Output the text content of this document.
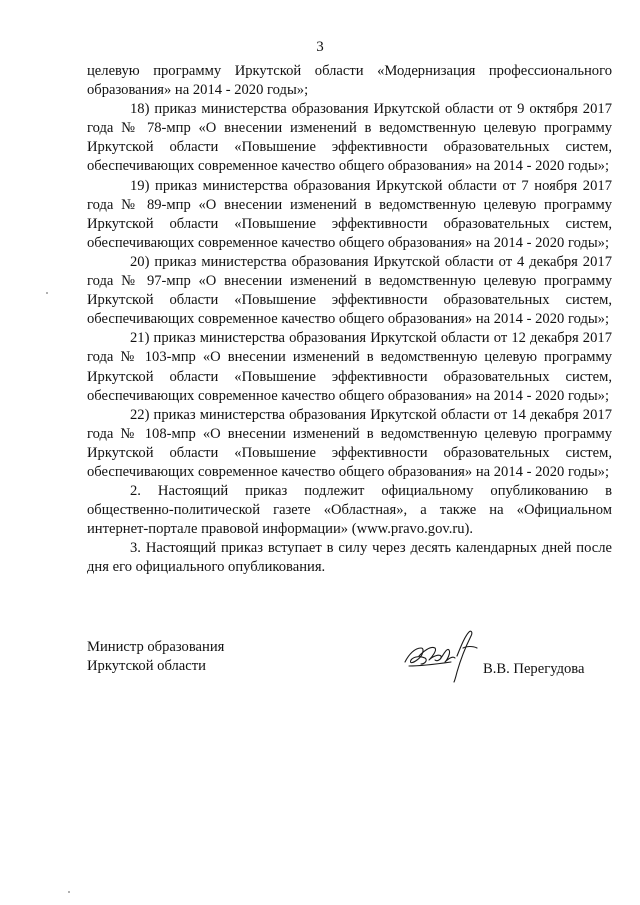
3

целевую программу Иркутской области «Модернизация профессионального образования» на 2014 - 2020 годы»;

18) приказ министерства образования Иркутской области от 9 октября 2017 года № 78-мпр «О внесении изменений в ведомственную целевую программу Иркутской области «Повышение эффективности образовательных систем, обеспечивающих современное качество общего образования» на 2014 - 2020 годы»;

19) приказ министерства образования Иркутской области от 7 ноября 2017 года № 89-мпр «О внесении изменений в ведомственную целевую программу Иркутской области «Повышение эффективности образовательных систем, обеспечивающих современное качество общего образования» на 2014 - 2020 годы»;

20) приказ министерства образования Иркутской области от 4 декабря 2017 года № 97-мпр «О внесении изменений в ведомственную целевую программу Иркутской области «Повышение эффективности образовательных систем, обеспечивающих современное качество общего образования» на 2014 - 2020 годы»;

21) приказ министерства образования Иркутской области от 12 декабря 2017 года № 103-мпр «О внесении изменений в ведомственную целевую программу Иркутской области «Повышение эффективности образовательных систем, обеспечивающих современное качество общего образования» на 2014 - 2020 годы»;

22) приказ министерства образования Иркутской области от 14 декабря 2017 года № 108-мпр «О внесении изменений в ведомственную целевую программу Иркутской области «Повышение эффективности образовательных систем, обеспечивающих современное качество общего образования» на 2014 - 2020 годы»;

2. Настоящий приказ подлежит официальному опубликованию в общественно-политической газете «Областная», а также на «Официальном интернет-портале правовой информации» (www.pravo.gov.ru).

3. Настоящий приказ вступает в силу через десять календарных дней после дня его официального опубликования.

Министр образования
Иркутской области	В.В. Перегудова
